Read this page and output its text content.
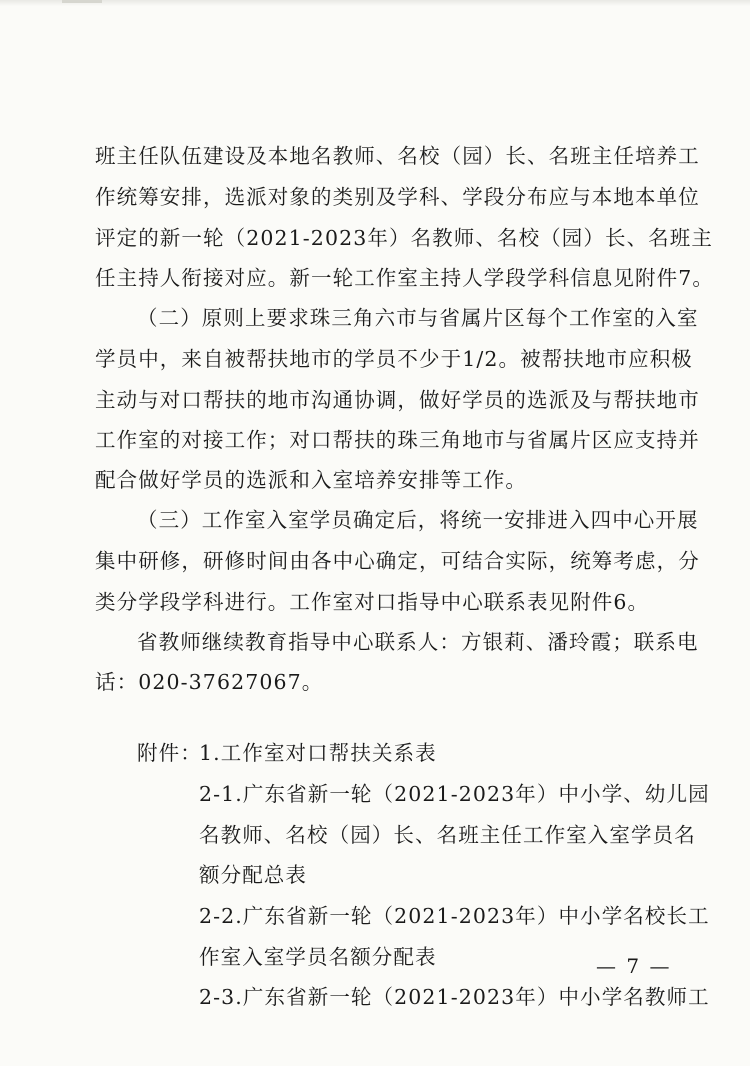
班主任队伍建设及本地名教师、名校（园）长、名班主任培养工
作统筹安排，选派对象的类别及学科、学段分布应与本地本单位
评定的新一轮（2021-2023年）名教师、名校（园）长、名班主
任主持人衔接对应。新一轮工作室主持人学段学科信息见附件7。
（二）原则上要求珠三角六市与省属片区每个工作室的入室
学员中，来自被帮扶地市的学员不少于1/2。被帮扶地市应积极
主动与对口帮扶的地市沟通协调，做好学员的选派及与帮扶地市
工作室的对接工作；对口帮扶的珠三角地市与省属片区应支持并
配合做好学员的选派和入室培养安排等工作。
（三）工作室入室学员确定后，将统一安排进入四中心开展
集中研修，研修时间由各中心确定，可结合实际，统筹考虑，分
类分学段学科进行。工作室对口指导中心联系表见附件6。
省教师继续教育指导中心联系人：方银莉、潘玲霞；联系电
话：020-37627067。
附件：
1.工作室对口帮扶关系表
2-1.广东省新一轮（2021-2023年）中小学、幼儿园
名教师、名校（园）长、名班主任工作室入室学员名
额分配总表
2-2.广东省新一轮（2021-2023年）中小学名校长工
作室入室学员名额分配表
2-3.广东省新一轮（2021-2023年）中小学名教师工
— 7 —
